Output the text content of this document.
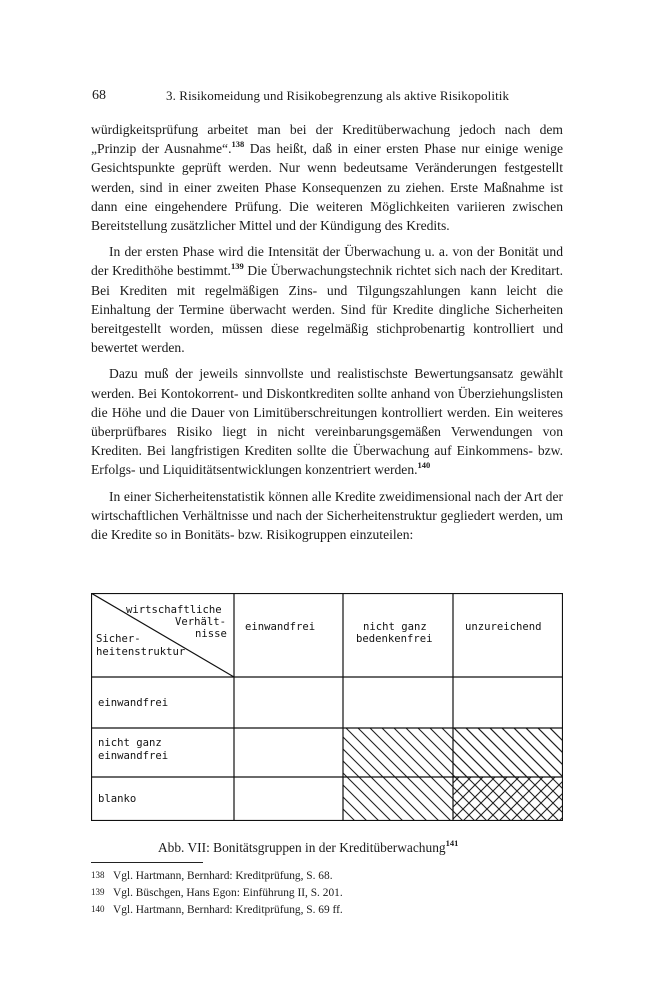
68	3. Risikomeidung und Risikobegrenzung als aktive Risikopolitik

würdigkeitsprüfung arbeitet man bei der Kreditüberwachung jedoch nach dem „Prinzip der Ausnahme“.$^{138}$ Das heißt, daß in einer ersten Phase nur einige wenige Gesichtspunkte geprüft werden. Nur wenn bedeutsame Veränderungen festgestellt werden, sind in einer zweiten Phase Konsequenzen zu ziehen. Erste Maßnahme ist dann eine eingehendere Prüfung. Die weiteren Möglichkeiten variieren zwischen Bereitstellung zusätzlicher Mittel und der Kündigung des Kredits.

In der ersten Phase wird die Intensität der Überwachung u. a. von der Bonität und der Kredithöhe bestimmt.$^{139}$ Die Überwachungstechnik richtet sich nach der Kreditart. Bei Krediten mit regelmäßigen Zins- und Tilgungszahlungen kann leicht die Einhaltung der Termine überwacht werden. Sind für Kredite dingliche Sicherheiten bereitgestellt worden, müssen diese regelmäßig stichprobenartig kontrolliert und bewertet werden.

Dazu muß der jeweils sinnvollste und realistischste Bewertungsansatz gewählt werden. Bei Kontokorrent- und Diskontkrediten sollte anhand von Überziehungslisten die Höhe und die Dauer von Limitüberschreitungen kontrolliert werden. Ein weiteres überprüfbares Risiko liegt in nicht vereinbarungsgemäßen Verwendungen von Krediten. Bei langfristigen Krediten sollte die Überwachung auf Einkommens- bzw. Erfolgs- und Liquiditätsentwicklungen konzentriert werden.$^{140}$

In einer Sicherheitenstatistik können alle Kredite zweidimensional nach der Art der wirtschaftlichen Verhältnisse und nach der Sicherheitenstruktur gegliedert werden, um die Kredite so in Bonitäts- bzw. Risikogruppen einzuteilen:

wirtschaftliche
Verhält-
nisse
Sicher-
heitenstruktur
einwandfrei	nicht ganz
bedenkenfrei
unzureichend
einwandfrei
nicht ganz
einwandfrei
blanko
Abb. VII: Bonitätsgruppen in der Kreditüberwachung$^{141}$
138 Vgl. Hartmann, Bernhard: Kreditprüfung, S. 68.
139 Vgl. Büschgen, Hans Egon: Einführung II, S. 201.
140 Vgl. Hartmann, Bernhard: Kreditprüfung, S. 69 ff.
